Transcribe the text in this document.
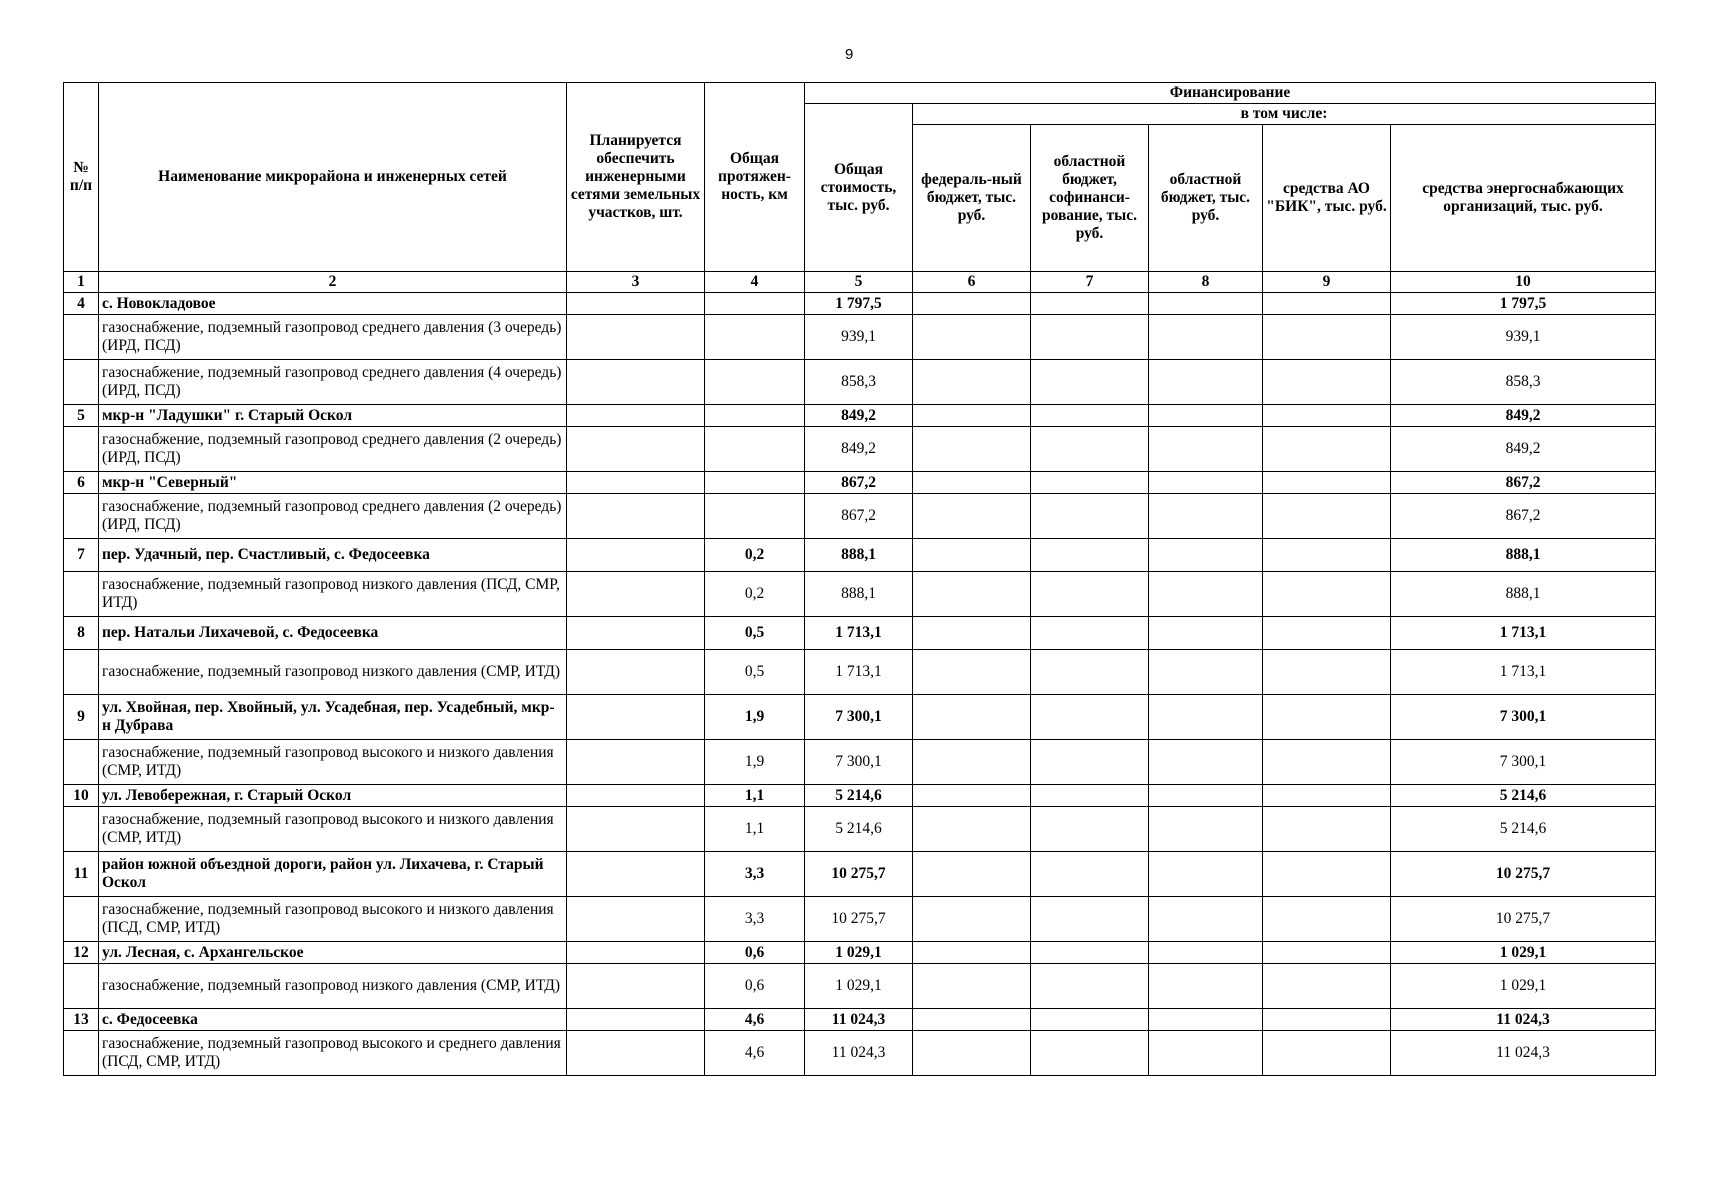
9
№ п/п	Наименование микрорайона и инженерных сетей	Планируется обеспечить инженерными сетями земельных участков, шт.	Общая протяжен-ность, км	Финансирование					
				Общая стоимость, тыс. руб.	в том числе:				
					федераль-ный бюджет, тыс. руб.	областной бюджет, софинанси-рование, тыс. руб.	областной бюджет, тыс. руб.	средства АО "БИК", тыс. руб.	средства энергоснабжающих организаций, тыс. руб.
1	2	3	4	5	6	7	8	9	10
4	с. Новокладовое			1 797,5					1 797,5
	газоснабжение, подземный газопровод среднего давления (3 очередь) (ИРД, ПСД)			939,1					939,1
	газоснабжение, подземный газопровод среднего давления (4 очередь) (ИРД, ПСД)			858,3					858,3
5	мкр-н "Ладушки" г. Старый Оскол			849,2					849,2
	газоснабжение, подземный газопровод среднего давления (2 очередь) (ИРД, ПСД)			849,2					849,2
6	мкр-н "Северный"			867,2					867,2
	газоснабжение, подземный газопровод среднего давления (2 очередь) (ИРД, ПСД)			867,2					867,2
7	пер. Удачный, пер. Счастливый, с. Федосеевка		0,2	888,1					888,1
	газоснабжение, подземный газопровод низкого давления (ПСД, СМР, ИТД)		0,2	888,1					888,1
8	пер. Натальи Лихачевой, с. Федосеевка		0,5	1 713,1					1 713,1
	газоснабжение, подземный газопровод низкого давления (СМР, ИТД)		0,5	1 713,1					1 713,1
9	ул. Хвойная, пер. Хвойный, ул. Усадебная, пер. Усадебный, мкр-н Дубрава		1,9	7 300,1					7 300,1
	газоснабжение, подземный газопровод высокого и низкого давления (СМР, ИТД)		1,9	7 300,1					7 300,1
10	ул. Левобережная, г. Старый Оскол		1,1	5 214,6					5 214,6
	газоснабжение, подземный газопровод высокого и низкого давления (СМР, ИТД)		1,1	5 214,6					5 214,6
11	район южной объездной дороги, район ул. Лихачева, г. Старый Оскол		3,3	10 275,7					10 275,7
	газоснабжение, подземный газопровод высокого и низкого давления (ПСД, СМР, ИТД)		3,3	10 275,7					10 275,7
12	ул. Лесная, с. Архангельское		0,6	1 029,1					1 029,1
	газоснабжение, подземный газопровод низкого давления (СМР, ИТД)		0,6	1 029,1					1 029,1
13	с. Федосеевка		4,6	11 024,3					11 024,3
	газоснабжение, подземный газопровод высокого и среднего давления (ПСД, СМР, ИТД)		4,6	11 024,3					11 024,3
